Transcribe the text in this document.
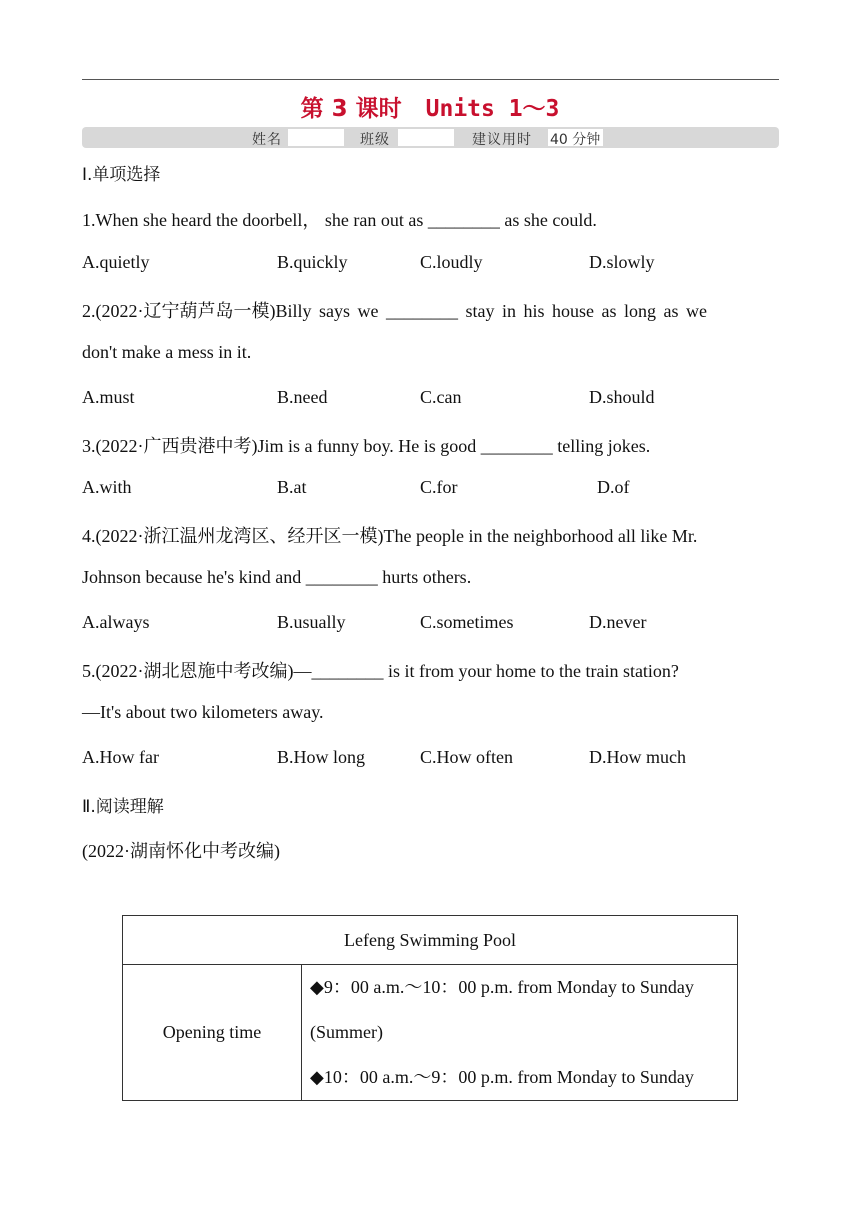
第 3 课时 Units 1～3
姓名	班级	建议用时 40 分钟
Ⅰ.单项选择
1.When she heard the doorbell， she ran out as ________ as she could.
A.quietly	B.quickly	C.loudly	D.slowly
2.(2022·辽宁葫芦岛一模)Billy says we ________ stay in his house as long as we
don't make a mess in it.
A.must	B.need	C.can	D.should
3.(2022·广西贵港中考)Jim is a funny boy. He is good ________ telling jokes.
A.with	B.at	C.for	D.of
4.(2022·浙江温州龙湾区、经开区一模)The people in the neighborhood all like Mr.
Johnson because he's kind and ________ hurts others.
A.always	B.usually	C.sometimes	D.never
5.(2022·湖北恩施中考改编)—________ is it from your home to the train station?
—It's about two kilometers away.
A.How far	B.How long	C.How often	D.How much
Ⅱ.阅读理解
(2022·湖南怀化中考改编)
Lefeng Swimming Pool
Opening time	
◆9：00 a.m.～10：00 p.m. from Monday to Sunday
(Summer)
◆10：00 a.m.～9：00 p.m. from Monday to Sunday
